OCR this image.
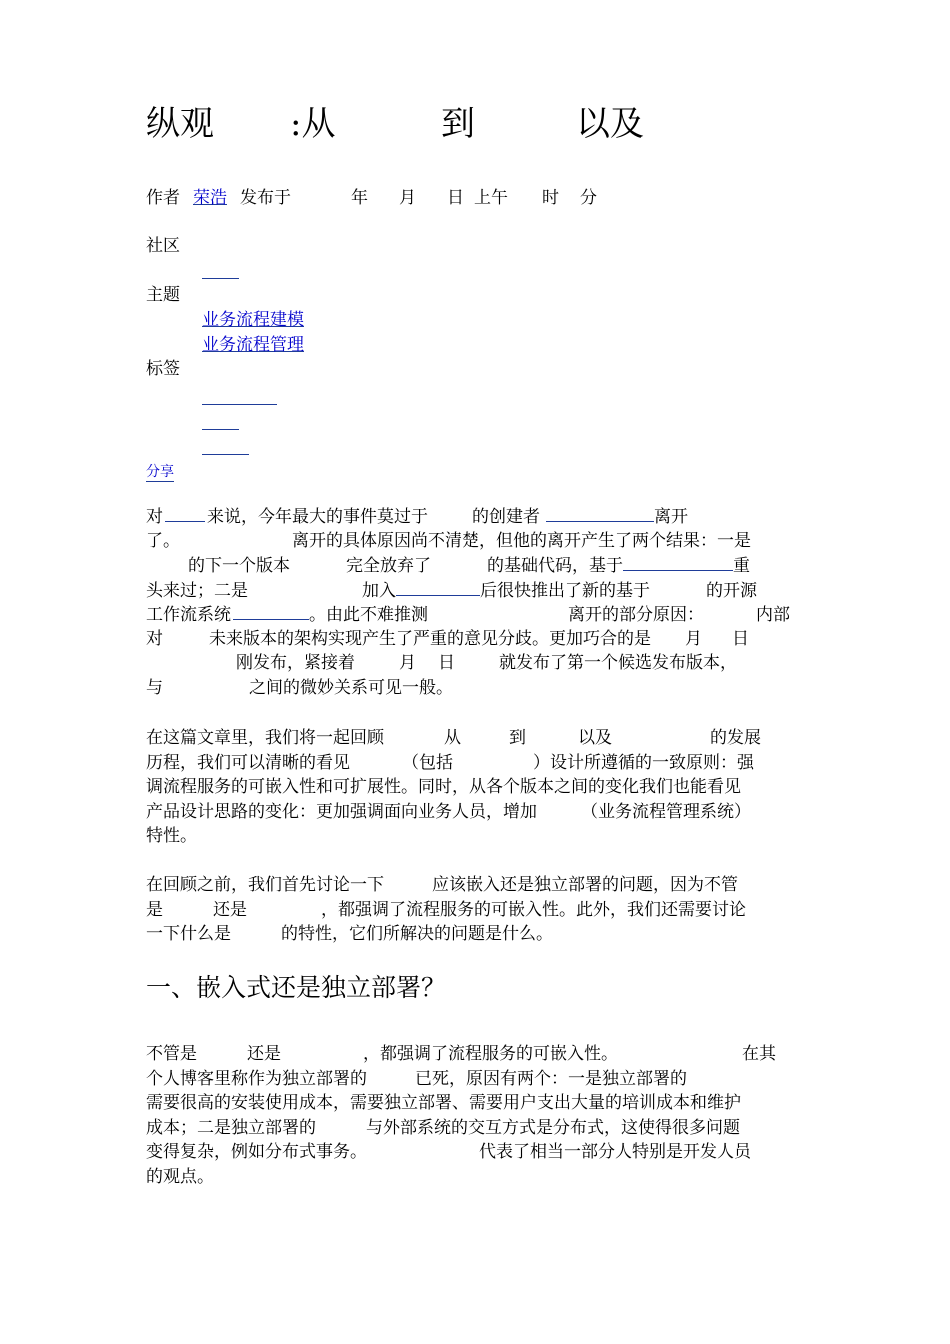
纵观 :从	到	以及
作者 荣浩 发布于	年 月 日 上午 时 分
社区
主题
业务流程建模
业务流程管理
标签
分享
对	来说，今年最大的事件莫过于	的创建者	离开
了。	离开的具体原因尚不清楚，但他的离开产生了两个结果：一是
的下一个版本	完全放弃了	的基础代码，基于	重
头来过；二是	加入	后很快推出了新的基于	的开源
工作流系统	。由此不难推测	离开的部分原因：	内部
对	未来版本的架构实现产生了严重的意见分歧。更加巧合的是 月 日
刚发布，紧接着	月 日	就发布了第一个候选发布版本，
与	之间的微妙关系可见一般。
在这篇文章里，我们将一起回顾	从	到	以及	的发展
历程，我们可以清晰的看见	（包括	）设计所遵循的一致原则：强
调流程服务的可嵌入性和可扩展性。同时，从各个版本之间的变化我们也能看见
产品设计思路的变化：更加强调面向业务人员，增加	（业务流程管理系统）
特性。
在回顾之前，我们首先讨论一下	应该嵌入还是独立部署的问题，因为不管
是	还是	，都强调了流程服务的可嵌入性。此外，我们还需要讨论
一下什么是	的特性，它们所解决的问题是什么。
一、嵌入式还是独立部署？
不管是	还是	，都强调了流程服务的可嵌入性。	在其
个人博客里称作为独立部署的	已死，原因有两个：一是独立部署的
需要很高的安装使用成本，需要独立部署、需要用户支出大量的培训成本和维护
成本；二是独立部署的	与外部系统的交互方式是分布式，这使得很多问题
变得复杂，例如分布式事务。	代表了相当一部分人特别是开发人员
的观点。
